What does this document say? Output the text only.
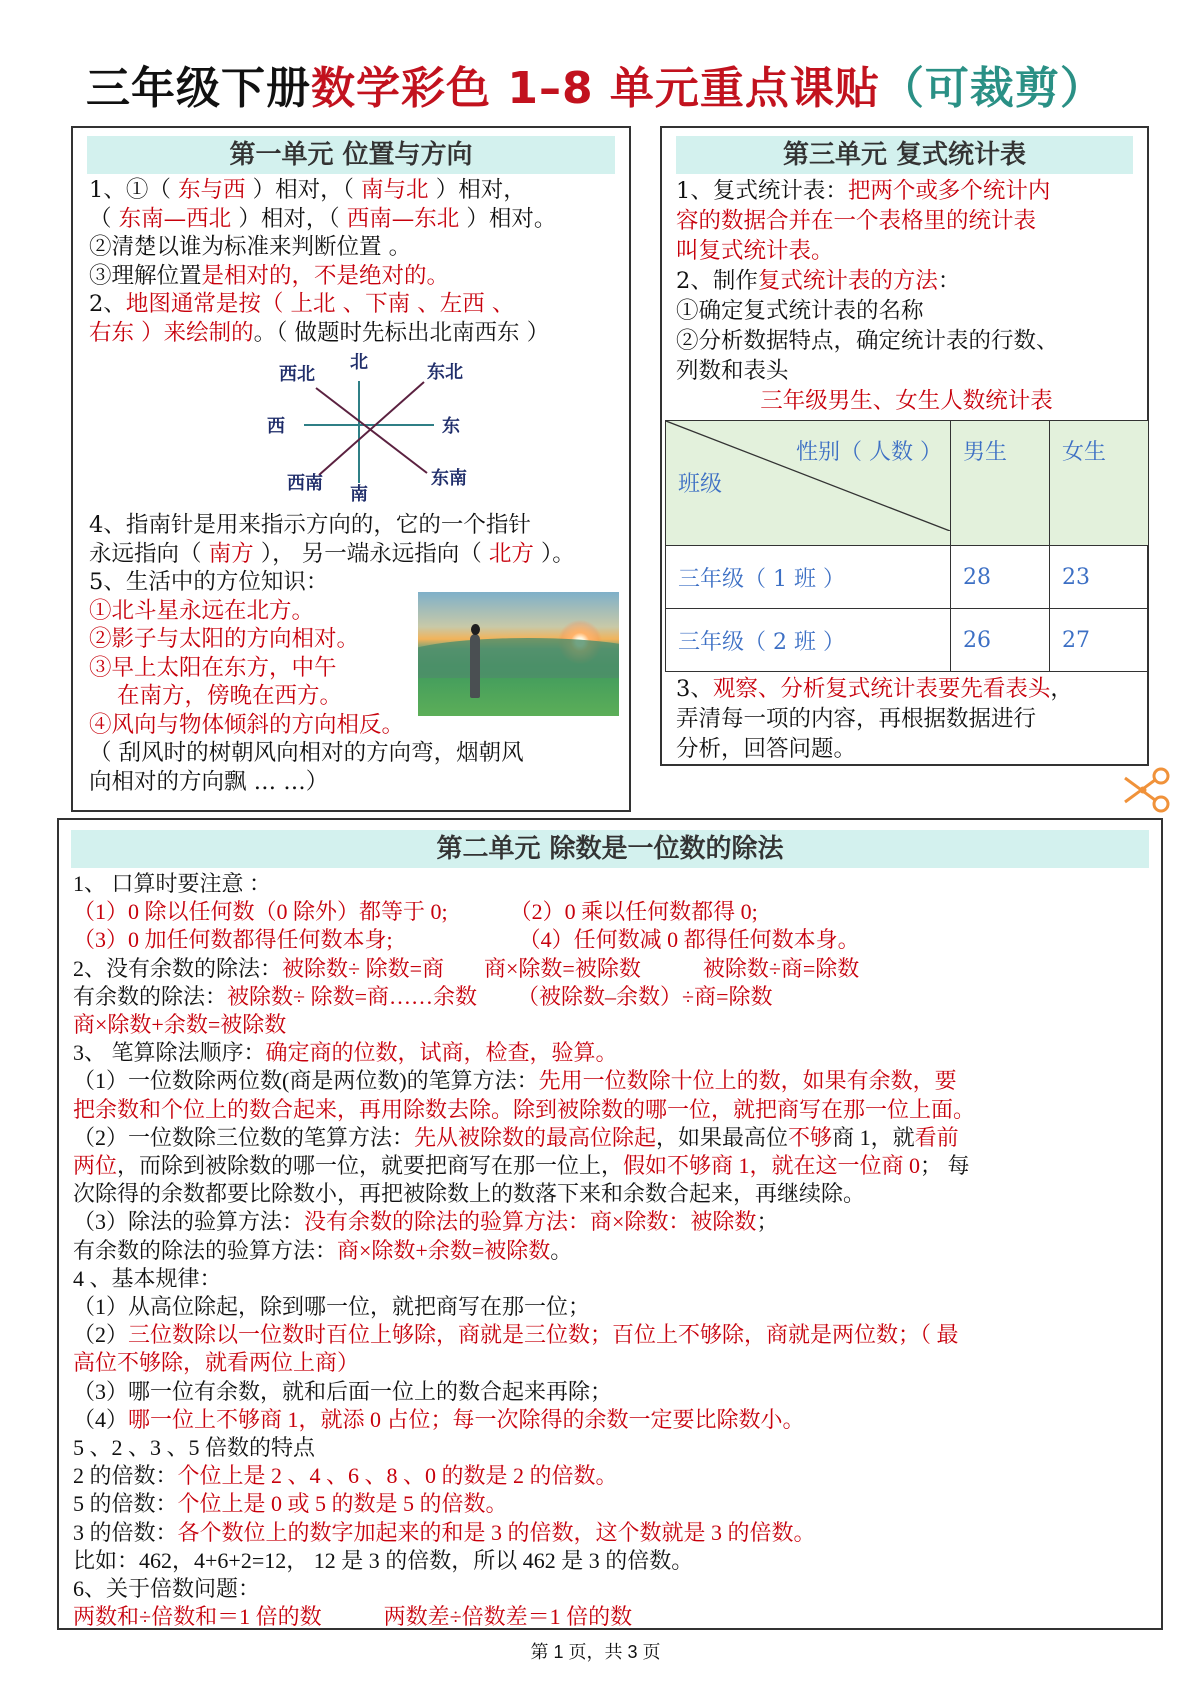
三年级下册数学彩色 1–8 单元重点课贴（可裁剪）
第一单元 位置与方向
1、①（ 东与西 ）相对，（ 南与北 ）相对，
（ 东南—西北 ）相对，（ 西南—东北 ）相对。
②清楚以谁为标准来判断位置 。
③理解位置是相对的，不是绝对的。
2、地图通常是按（ 上北 、下南 、左西 、
右东 ）来绘制的。（ 做题时先标出北南西东 ）
北
南
东
西
东北
西北
东南
西南
4、指南针是用来指示方向的，它的一个指针
永远指向（ 南方 ）， 另一端永远指向（ 北方 ）。
5、生活中的方位知识：
①北斗星永远在北方。
②影子与太阳的方向相对。
③早上太阳在东方，中午
在南方，傍晚在西方。
④风向与物体倾斜的方向相反。
（ 刮风时的树朝风向相对的方向弯，烟朝风
向相对的方向飘 … …）
第三单元 复式统计表
1、复式统计表：把两个或多个统计内
容的数据合并在一个表格里的统计表
叫复式统计表。
2、制作复式统计表的方法：
①确定复式统计表的名称
②分析数据特点，确定统计表的行数、
列数和表头
三年级男生、女生人数统计表
性别（ 人数 ）
班级	男生	女生
三年级（ 1 班 ）	28	23
三年级（ 2 班 ）	26	27
3、观察、分析复式统计表要先看表头，
弄清每一项的内容，再根据数据进行
分析，回答问题。
第二单元 除数是一位数的除法
1、 口算时要注意 ：
（1）0 除以任何数（0 除外）都等于 0;	（2）0 乘以任何数都得 0;
（3）0 加任何数都得任何数本身;	（4）任何数减 0 都得任何数本身。
2、没有余数的除法：被除数÷ 除数=商 商×除数=被除数	被除数÷商=除数
有余数的除法：被除数÷ 除数=商……余数 （被除数–余数）÷商=除数
商×除数+余数=被除数
3、 笔算除法顺序：确定商的位数，试商，检查，验算。
（1）一位数除两位数(商是两位数)的笔算方法：先用一位数除十位上的数，如果有余数，要
把余数和个位上的数合起来，再用除数去除。除到被除数的哪一位，就把商写在那一位上面。
（2）一位数除三位数的笔算方法：先从被除数的最高位除起，如果最高位不够商 1，就看前
两位，而除到被除数的哪一位，就要把商写在那一位上，假如不够商 1，就在这一位商 0； 每
次除得的余数都要比除数小，再把被除数上的数落下来和余数合起来，再继续除。
（3）除法的验算方法：没有余数的除法的验算方法：商×除数：被除数；
有余数的除法的验算方法：商×除数+余数=被除数。
4 、基本规律：
（1）从高位除起，除到哪一位，就把商写在那一位；
（2）三位数除以一位数时百位上够除，商就是三位数；百位上不够除，商就是两位数；（ 最
高位不够除，就看两位上商）
（3）哪一位有余数，就和后面一位上的数合起来再除；
（4）哪一位上不够商 1，就添 0 占位；每一次除得的余数一定要比除数小。
5 、2 、3 、5 倍数的特点
2 的倍数：个位上是 2 、4 、6 、8 、0 的数是 2 的倍数。
5 的倍数：个位上是 0 或 5 的数是 5 的倍数。
3 的倍数：各个数位上的数字加起来的和是 3 的倍数，这个数就是 3 的倍数。
比如：462，4+6+2=12， 12 是 3 的倍数，所以 462 是 3 的倍数。
6、关于倍数问题：
两数和÷倍数和＝1 倍的数	两数差÷倍数差＝1 倍的数
第 1 页，共 3 页
